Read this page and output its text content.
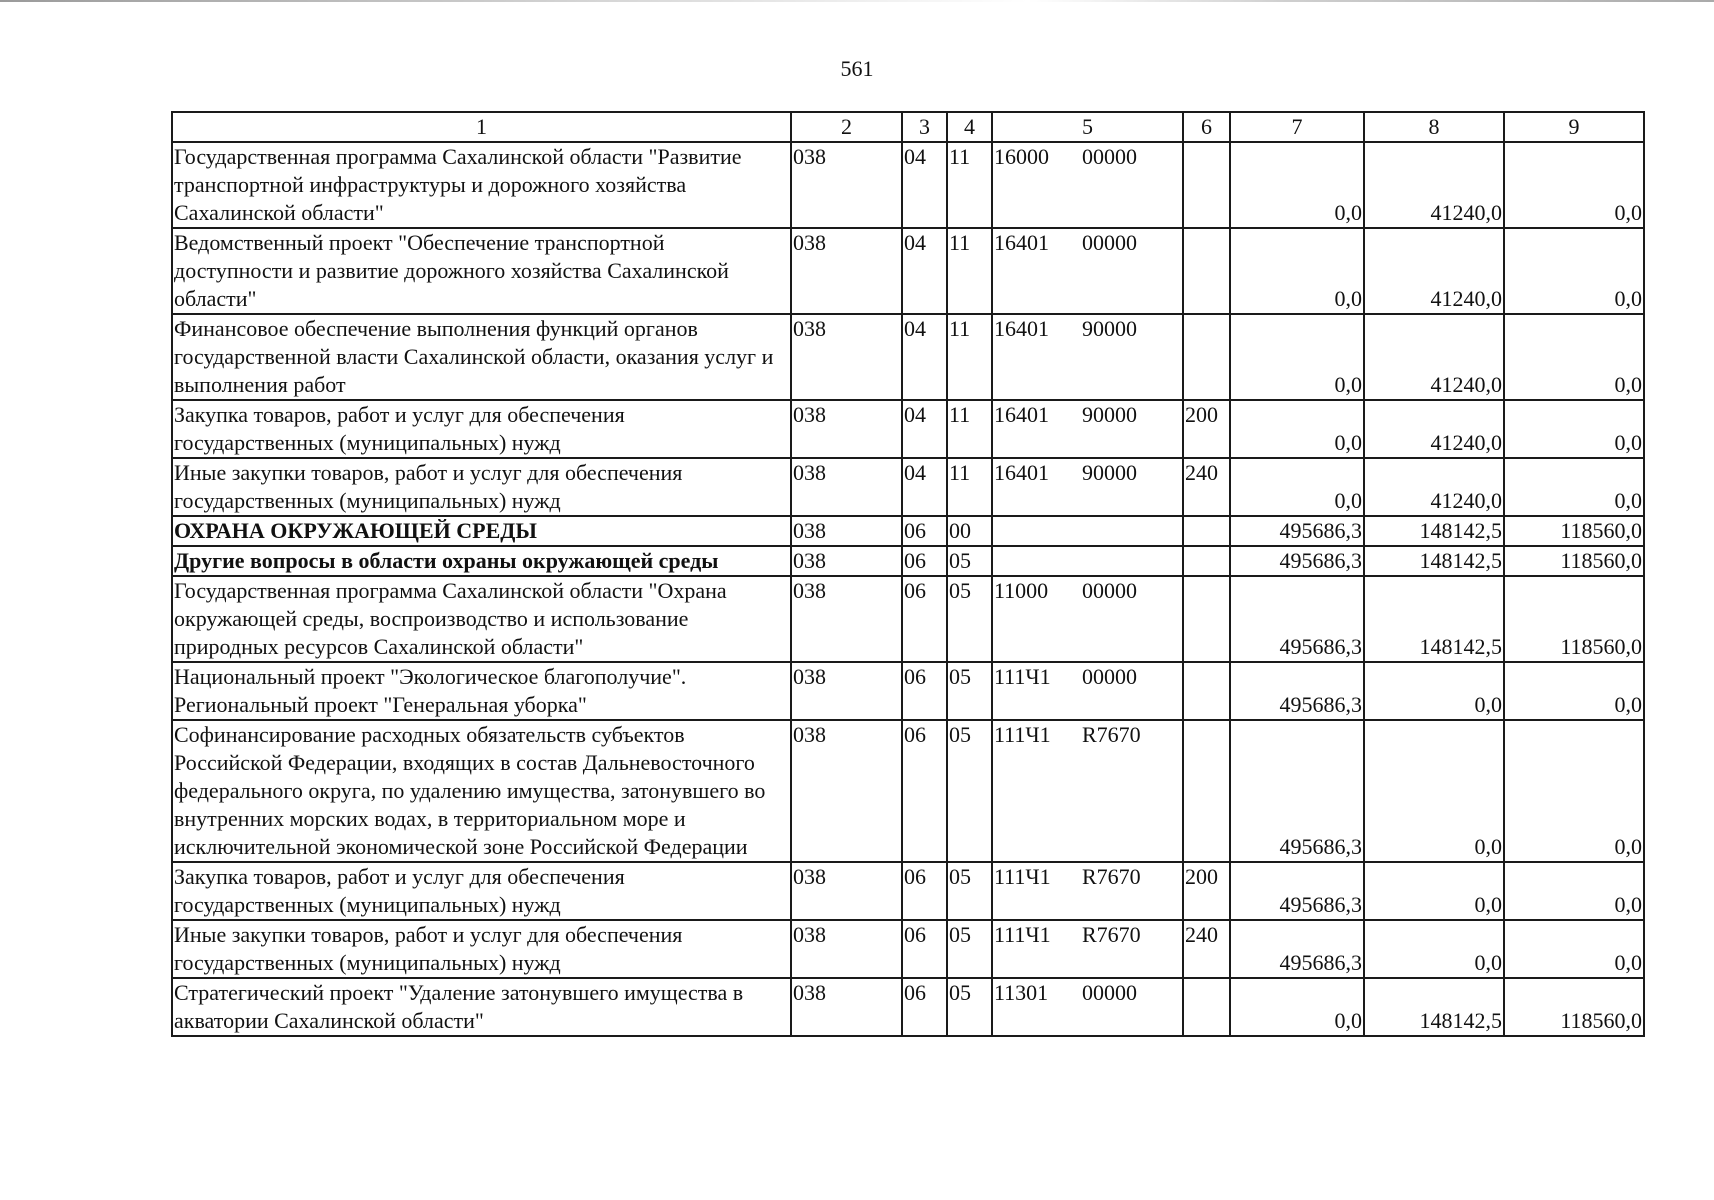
561
1	2	3	4	5	6	7	8	9
Государственная программа Сахалинской области "Развитие транспортной инфраструктуры и дорожного хозяйства Сахалинской области"	038	04	11	16000 00000		0,0	41240,0	0,0
Ведомственный проект "Обеспечение транспортной доступности и развитие дорожного хозяйства Сахалинской области"	038	04	11	16401 00000		0,0	41240,0	0,0
Финансовое обеспечение выполнения функций органов государственной власти Сахалинской области, оказания услуг и выполнения работ	038	04	11	16401 90000		0,0	41240,0	0,0
Закупка товаров, работ и услуг для обеспечения государственных (муниципальных) нужд	038	04	11	16401 90000	200	0,0	41240,0	0,0
Иные закупки товаров, работ и услуг для обеспечения государственных (муниципальных) нужд	038	04	11	16401 90000	240	0,0	41240,0	0,0
ОХРАНА ОКРУЖАЮЩЕЙ СРЕДЫ	038	06	00			495686,3	148142,5	118560,0
Другие вопросы в области охраны окружающей среды	038	06	05			495686,3	148142,5	118560,0
Государственная программа Сахалинской области "Охрана окружающей среды, воспроизводство и использование природных ресурсов Сахалинской области"	038	06	05	11000 00000		495686,3	148142,5	118560,0
Национальный проект "Экологическое благополучие". Региональный проект "Генеральная уборка"	038	06	05	111Ч1 00000		495686,3	0,0	0,0
Софинансирование расходных обязательств субъектов Российской Федерации, входящих в состав Дальневосточного федерального округа, по удалению имущества, затонувшего во внутренних морских водах, в территориальном море и исключительной экономической зоне Российской Федерации	038	06	05	111Ч1 R7670		495686,3	0,0	0,0
Закупка товаров, работ и услуг для обеспечения государственных (муниципальных) нужд	038	06	05	111Ч1 R7670	200	495686,3	0,0	0,0
Иные закупки товаров, работ и услуг для обеспечения государственных (муниципальных) нужд	038	06	05	111Ч1 R7670	240	495686,3	0,0	0,0
Стратегический проект "Удаление затонувшего имущества в акватории Сахалинской области"	038	06	05	11301 00000		0,0	148142,5	118560,0
